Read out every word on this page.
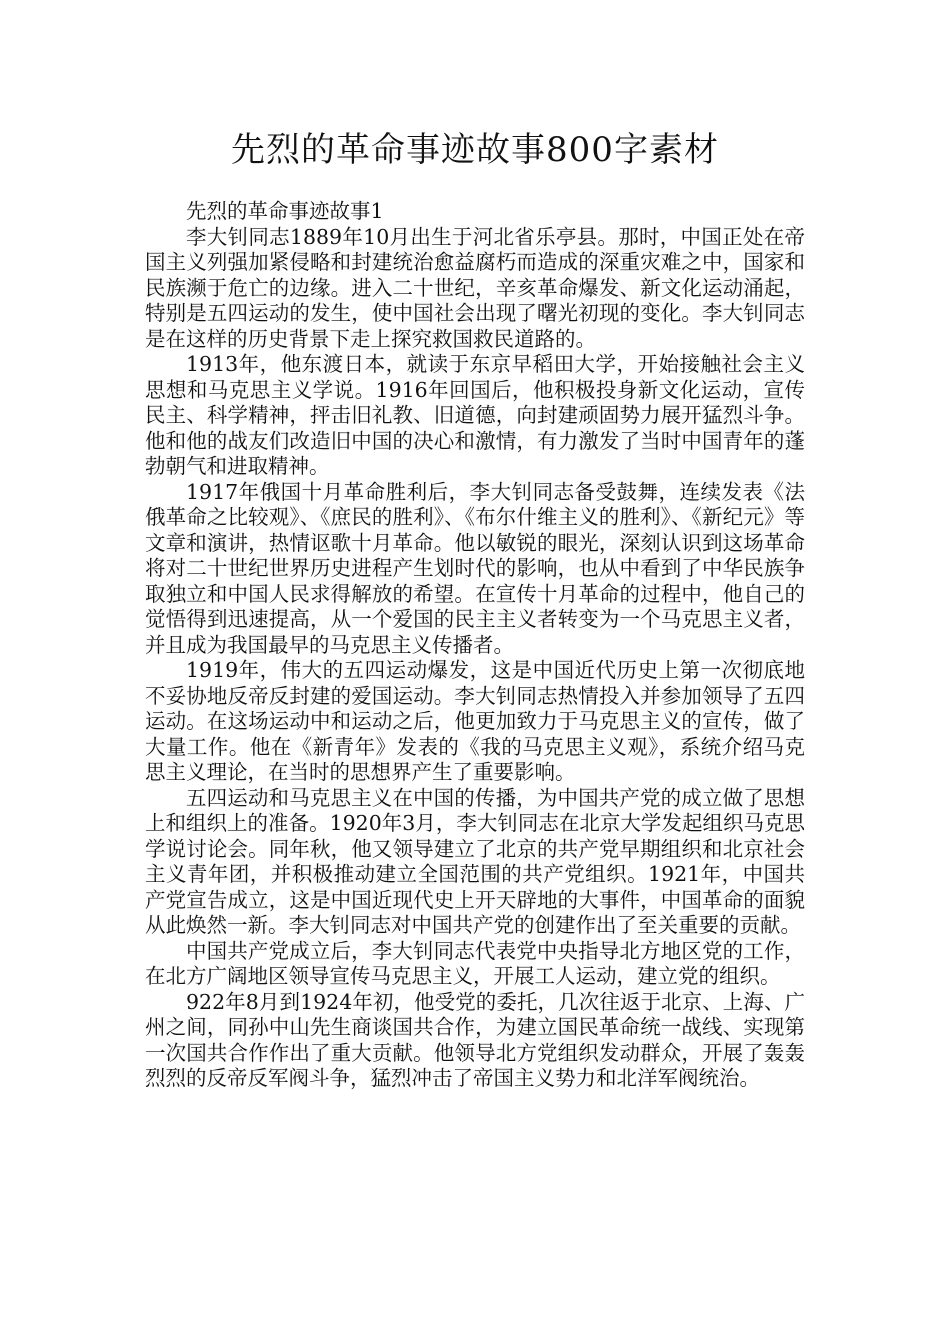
先烈的革命事迹故事800字素材

先烈的革命事迹故事1

李大钊同志1889年10月出生于河北省乐亭县。那时，中国正处在帝国主义列强加紧侵略和封建统治愈益腐朽而造成的深重灾难之中，国家和民族濒于危亡的边缘。进入二十世纪，辛亥革命爆发、新文化运动涌起，特别是五四运动的发生，使中国社会出现了曙光初现的变化。李大钊同志是在这样的历史背景下走上探究救国救民道路的。

1913年，他东渡日本，就读于东京早稻田大学，开始接触社会主义思想和马克思主义学说。1916年回国后，他积极投身新文化运动，宣传民主、科学精神，抨击旧礼教、旧道德，向封建顽固势力展开猛烈斗争。他和他的战友们改造旧中国的决心和激情，有力激发了当时中国青年的蓬勃朝气和进取精神。

1917年俄国十月革命胜利后，李大钊同志备受鼓舞，连续发表《法俄革命之比较观》、《庶民的胜利》、《布尔什维主义的胜利》、《新纪元》等文章和演讲，热情讴歌十月革命。他以敏锐的眼光，深刻认识到这场革命将对二十世纪世界历史进程产生划时代的影响，也从中看到了中华民族争取独立和中国人民求得解放的希望。在宣传十月革命的过程中，他自己的觉悟得到迅速提高，从一个爱国的民主主义者转变为一个马克思主义者，并且成为我国最早的马克思主义传播者。

1919年，伟大的五四运动爆发，这是中国近代历史上第一次彻底地不妥协地反帝反封建的爱国运动。李大钊同志热情投入并参加领导了五四运动。在这场运动中和运动之后，他更加致力于马克思主义的宣传，做了大量工作。他在《新青年》发表的《我的马克思主义观》，系统介绍马克思主义理论，在当时的思想界产生了重要影响。

五四运动和马克思主义在中国的传播，为中国共产党的成立做了思想上和组织上的准备。1920年3月，李大钊同志在北京大学发起组织马克思学说讨论会。同年秋，他又领导建立了北京的共产党早期组织和北京社会主义青年团，并积极推动建立全国范围的共产党组织。1921年，中国共产党宣告成立，这是中国近现代史上开天辟地的大事件，中国革命的面貌从此焕然一新。李大钊同志对中国共产党的创建作出了至关重要的贡献。

中国共产党成立后，李大钊同志代表党中央指导北方地区党的工作，在北方广阔地区领导宣传马克思主义，开展工人运动，建立党的组织。

922年8月到1924年初，他受党的委托，几次往返于北京、上海、广州之间，同孙中山先生商谈国共合作，为建立国民革命统一战线、实现第一次国共合作作出了重大贡献。他领导北方党组织发动群众，开展了轰轰烈烈的反帝反军阀斗争，猛烈冲击了帝国主义势力和北洋军阀统治。
